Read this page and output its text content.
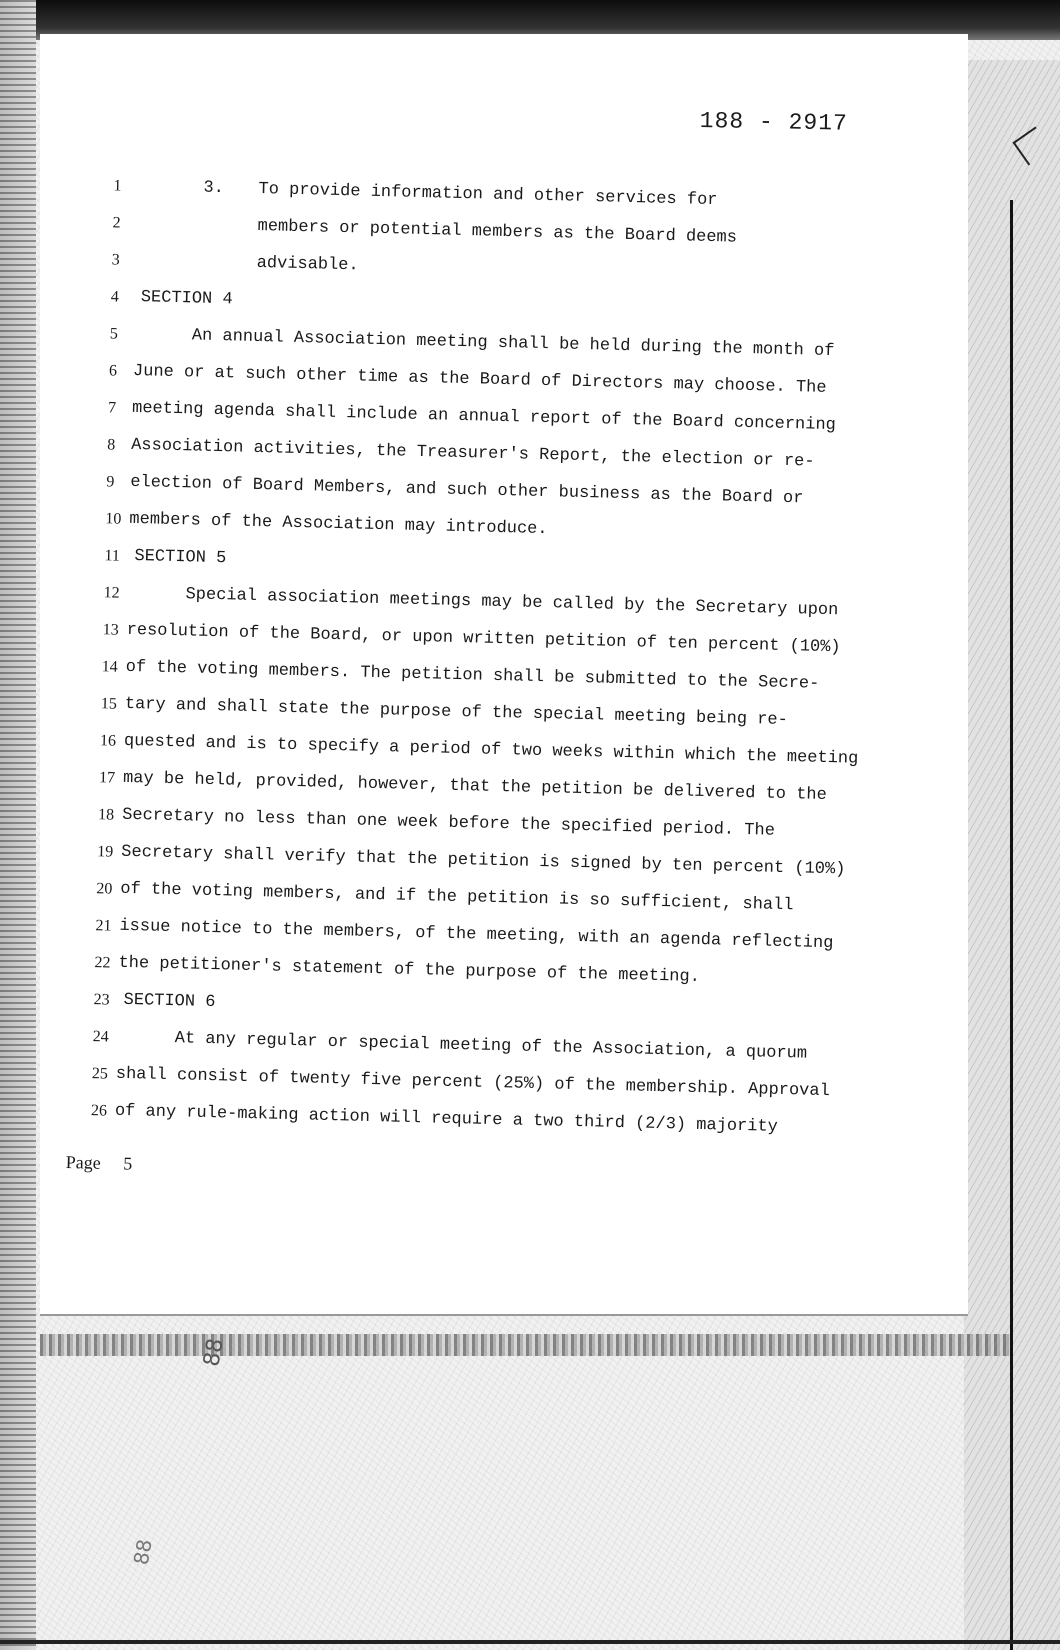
188 - 2917
1	3. To provide information and other services for
2	members or potential members as the Board deems
3	advisable.
4	SECTION 4
5	An annual Association meeting shall be held during the month of
6 June or at such other time as the Board of Directors may choose. The
7 meeting agenda shall include an annual report of the Board concerning
8 Association activities, the Treasurer's Report, the election or re-
9 election of Board Members, and such other business as the Board or
10 members of the Association may introduce.
11 SECTION 5
12	Special association meetings may be called by the Secretary upon
13 resolution of the Board, or upon written petition of ten percent (10%)
14 of the voting members. The petition shall be submitted to the Secre-
15 tary and shall state the purpose of the special meeting being re-
16 quested and is to specify a period of two weeks within which the meeting
17 may be held, provided, however, that the petition be delivered to the
18 Secretary no less than one week before the specified period. The
19 Secretary shall verify that the petition is signed by ten percent (10%)
20 of the voting members, and if the petition is so sufficient, shall
21 issue notice to the members, of the meeting, with an agenda reflecting
22 the petitioner's statement of the purpose of the meeting.
23 SECTION 6
24	At any regular or special meeting of the Association, a quorum
25 shall consist of twenty five percent (25%) of the membership. Approval
26 of any rule-making action will require a two third (2/3) majority
Page 5
88
88
